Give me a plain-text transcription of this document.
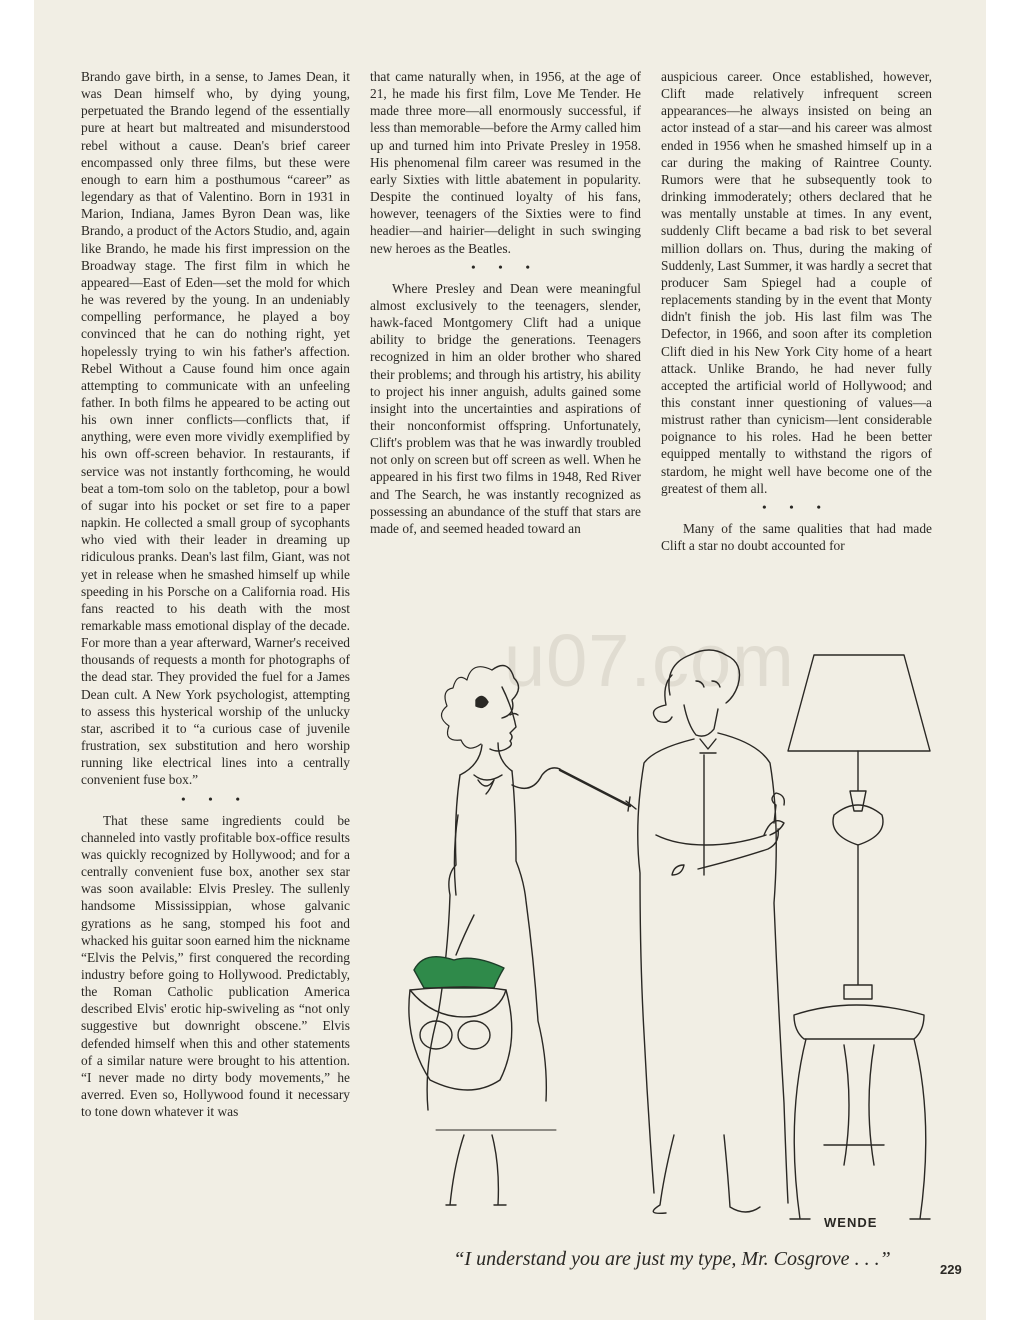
Brando gave birth, in a sense, to James Dean, it was Dean himself who, by dying young, perpetuated the Brando legend of the essentially pure at heart but maltreated and misunderstood rebel without a cause. Dean's brief career encompassed only three films, but these were enough to earn him a posthumous “career” as legendary as that of Valentino. Born in 1931 in Marion, Indiana, James Byron Dean was, like Brando, a product of the Actors Studio, and, again like Brando, he made his first impression on the Broadway stage. The first film in which he appeared—East of Eden—set the mold for which he was revered by the young. In an undeniably compelling performance, he played a boy convinced that he can do nothing right, yet hopelessly trying to win his father's affection. Rebel Without a Cause found him once again attempting to communicate with an unfeeling father. In both films he appeared to be acting out his own inner conflicts—conflicts that, if anything, were even more vividly exemplified by his own off-screen behavior. In restaurants, if service was not instantly forthcoming, he would beat a tom-tom solo on the tabletop, pour a bowl of sugar into his pocket or set fire to a paper napkin. He collected a small group of sycophants who vied with their leader in dreaming up ridiculous pranks. Dean's last film, Giant, was not yet in release when he smashed himself up while speeding in his Porsche on a California road. His fans reacted to his death with the most remarkable mass emotional display of the decade. For more than a year afterward, Warner's received thousands of requests a month for photographs of the dead star. They provided the fuel for a James Dean cult. A New York psychologist, attempting to assess this hysterical worship of the unlucky star, ascribed it to “a curious case of juvenile frustration, sex substitution and hero worship running like electrical lines into a centrally convenient fuse box.”

• • •

That these same ingredients could be channeled into vastly profitable box-office results was quickly recognized by Hollywood; and for a centrally convenient fuse box, another sex star was soon available: Elvis Presley. The sullenly handsome Mississippian, whose galvanic gyrations as he sang, stomped his foot and whacked his guitar soon earned him the nickname “Elvis the Pelvis,” first conquered the recording industry before going to Hollywood. Predictably, the Roman Catholic publication America described Elvis' erotic hip-swiveling as “not only suggestive but downright obscene.” Elvis defended himself when this and other statements of a similar nature were brought to his attention. “I never made no dirty body movements,” he averred. Even so, Hollywood found it necessary to tone down whatever it was

that came naturally when, in 1956, at the age of 21, he made his first film, Love Me Tender. He made three more—all enormously successful, if less than memorable—before the Army called him up and turned him into Private Presley in 1958. His phenomenal film career was resumed in the early Sixties with little abatement in popularity. Despite the continued loyalty of his fans, however, teenagers of the Sixties were to find headier—and hairier—delight in such swinging new heroes as the Beatles.

• • •

Where Presley and Dean were meaningful almost exclusively to the teenagers, slender, hawk-faced Montgomery Clift had a unique ability to bridge the generations. Teenagers recognized in him an older brother who shared their problems; and through his artistry, his ability to project his inner anguish, adults gained some insight into the uncertainties and aspirations of their nonconformist offspring. Unfortunately, Clift's problem was that he was inwardly troubled not only on screen but off screen as well. When he appeared in his first two films in 1948, Red River and The Search, he was instantly recognized as possessing an abundance of the stuff that stars are made of, and seemed headed toward an

auspicious career. Once established, however, Clift made relatively infrequent screen appearances—he always insisted on being an actor instead of a star—and his career was almost ended in 1956 when he smashed himself up in a car during the making of Raintree County. Rumors were that he subsequently took to drinking immoderately; others declared that he was mentally unstable at times. In any event, suddenly Clift became a bad risk to bet several million dollars on. Thus, during the making of Suddenly, Last Summer, it was hardly a secret that producer Sam Spiegel had a couple of replacements standing by in the event that Monty didn't finish the job. His last film was The Defector, in 1966, and soon after its completion Clift died in his New York City home of a heart attack. Unlike Brando, he had never fully accepted the artificial world of Hollywood; and this constant inner questioning of values—a mistrust rather than cynicism—lent considerable poignance to his roles. Had he been better equipped mentally to withstand the rigors of stardom, he might well have become one of the greatest of them all.

• • •

Many of the same qualities that had made Clift a star no doubt accounted for

u07.com
WENDE
“I understand you are just my type, Mr. Cosgrove . . .”	229
